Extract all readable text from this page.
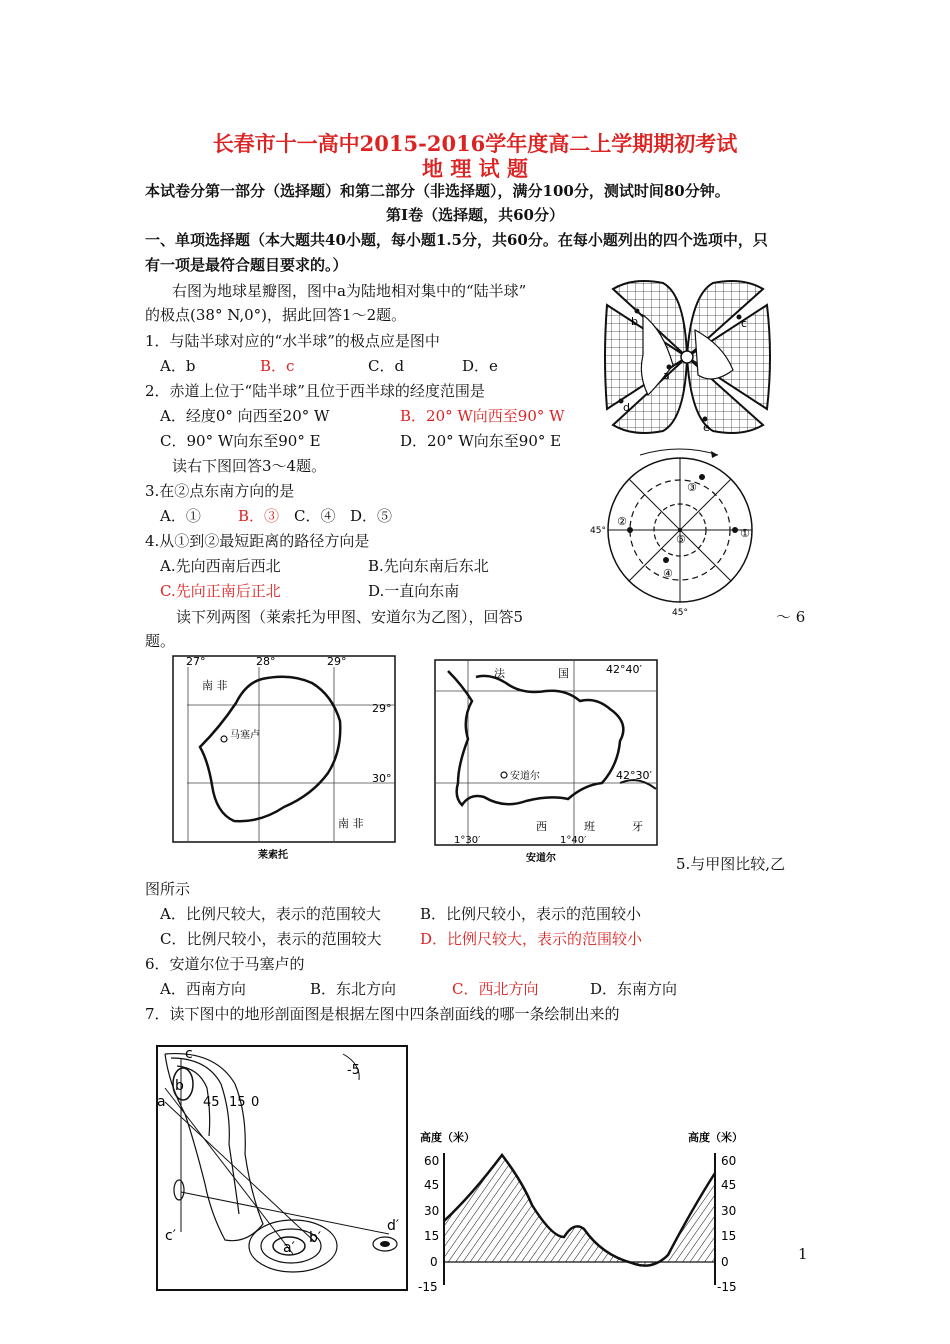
长春市十一高中2015-2016学年度高二上学期期初考试
地 理 试 题
本试卷分第一部分（选择题）和第二部分（非选择题），满分100分，测试时间80分钟。
第Ⅰ卷（选择题，共60分）
一、单项选择题（本大题共40小题，每小题1.5分，共60分。在每小题列出的四个选项中，只
有一项是最符合题目要求的。）
右图为地球星瓣图，图中a为陆地相对集中的“陆半球”
的极点(38° N,0°)，据此回答1～2题。
1．与陆半球对应的“水半球”的极点应是图中
A．b	B．c	C．d	D．e
2．赤道上位于“陆半球”且位于西半球的经度范围是
A．经度0° 向西至20° W	B．20° W向西至90° W
C．90° W向东至90° E	D．20° W向东至90° E
读右下图回答3～4题。
3.在②点东南方向的是
A．① B．③ C．④ D．⑤
4.从①到②最短距离的路径方向是
A.先向西南后西北	B.先向东南后东北
C.先向正南后正北	D.一直向东南
读下列两图（莱索托为甲图、安道尔为乙图），回答5	～ 6
题。
b	c
a
d
e
①
②
③
④
⑤
45°
45°
27°	28°	29°
29°
30°
南 非
南 非
马塞卢
莱索托
法	国	42°40′
42°30′
安道尔
西	班	牙
1°30′	1°40′
安道尔	5.与甲图比较,乙
图所示
A．比例尺较大，表示的范围较大	B．比例尺较小，表示的范围较小
C．比例尺较小，表示的范围较大	D．比例尺较大，表示的范围较小
6．安道尔位于马塞卢的
A．西南方向	B．东北方向	C．西北方向	D．东南方向
7．读下图中的地形剖面图是根据左图中四条剖面线的哪一条绘制出来的
c
b
a	45 15 0
-5
c′
a′
b′
d′
高度（米）	高度（米）
60
45
30
15
0
-15
60
45
30
15
0
-15
1
